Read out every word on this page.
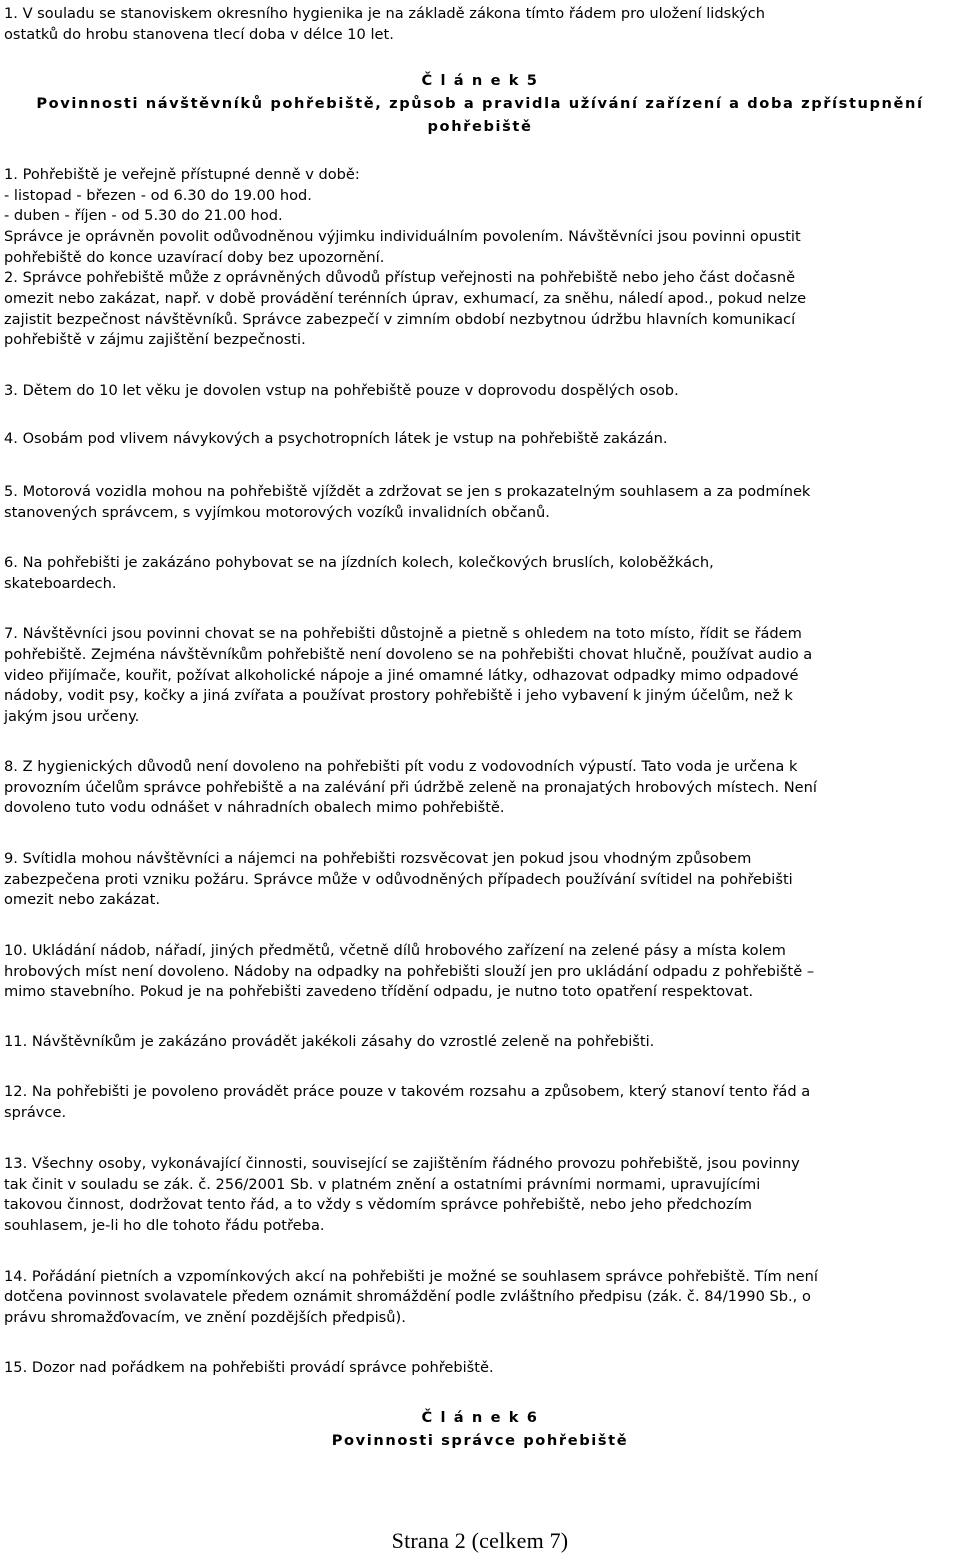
1. V souladu se stanoviskem okresního hygienika je na základě zákona tímto řádem pro uložení lidských
ostatků do hrobu stanovena tlecí doba v délce 10 let.
Č l á n e k 5
Povinnosti návštěvníků pohřebiště, způsob a pravidla užívání zařízení a doba zpřístupnění
pohřebiště
1. Pohřebiště je veřejně přístupné denně v době:
- listopad - březen - od 6.30 do 19.00 hod.
- duben - říjen - od 5.30 do 21.00 hod.
Správce je oprávněn povolit odůvodněnou výjimku individuálním povolením. Návštěvníci jsou povinni opustit
pohřebiště do konce uzavírací doby bez upozornění.
2. Správce pohřebiště může z oprávněných důvodů přístup veřejnosti na pohřebiště nebo jeho část dočasně
omezit nebo zakázat, např. v době provádění terénních úprav, exhumací, za sněhu, náledí apod., pokud nelze
zajistit bezpečnost návštěvníků. Správce zabezpečí v zimním období nezbytnou údržbu hlavních komunikací
pohřebiště v zájmu zajištění bezpečnosti.
3. Dětem do 10 let věku je dovolen vstup na pohřebiště pouze v doprovodu dospělých osob.
4. Osobám pod vlivem návykových a psychotropních látek je vstup na pohřebiště zakázán.
5. Motorová vozidla mohou na pohřebiště vjíždět a zdržovat se jen s prokazatelným souhlasem a za podmínek
stanovených správcem, s vyjímkou motorových vozíků invalidních občanů.
6. Na pohřebišti je zakázáno pohybovat se na jízdních kolech, kolečkových bruslích, koloběžkách,
skateboardech.
7. Návštěvníci jsou povinni chovat se na pohřebišti důstojně a pietně s ohledem na toto místo, řídit se řádem
pohřebiště. Zejména návštěvníkům pohřebiště není dovoleno se na pohřebišti chovat hlučně, používat audio a
video přijímače, kouřit, požívat alkoholické nápoje a jiné omamné látky, odhazovat odpadky mimo odpadové
nádoby, vodit psy, kočky a jiná zvířata a používat prostory pohřebiště i jeho vybavení k jiným účelům, než k
jakým jsou určeny.
8. Z hygienických důvodů není dovoleno na pohřebišti pít vodu z vodovodních výpustí. Tato voda je určena k
provozním účelům správce pohřebiště a na zalévání při údržbě zeleně na pronajatých hrobových místech. Není
dovoleno tuto vodu odnášet v náhradních obalech mimo pohřebiště.
9. Svítidla mohou návštěvníci a nájemci na pohřebišti rozsvěcovat jen pokud jsou vhodným způsobem
zabezpečena proti vzniku požáru. Správce může v odůvodněných případech používání svítidel na pohřebišti
omezit nebo zakázat.
10. Ukládání nádob, nářadí, jiných předmětů, včetně dílů hrobového zařízení na zelené pásy a místa kolem
hrobových míst není dovoleno. Nádoby na odpadky na pohřebišti slouží jen pro ukládání odpadu z pohřebiště –
mimo stavebního. Pokud je na pohřebišti zavedeno třídění odpadu, je nutno toto opatření respektovat.
11. Návštěvníkům je zakázáno provádět jakékoli zásahy do vzrostlé zeleně na pohřebišti.
12. Na pohřebišti je povoleno provádět práce pouze v takovém rozsahu a způsobem, který stanoví tento řád a
správce.
13. Všechny osoby, vykonávající činnosti, související se zajištěním řádného provozu pohřebiště, jsou povinny
tak činit v souladu se zák. č. 256/2001 Sb. v platném znění a ostatními právními normami, upravujícími
takovou činnost, dodržovat tento řád, a to vždy s vědomím správce pohřebiště, nebo jeho předchozím
souhlasem, je-li ho dle tohoto řádu potřeba.
14. Pořádání pietních a vzpomínkových akcí na pohřebišti je možné se souhlasem správce pohřebiště. Tím není
dotčena povinnost svolavatele předem oznámit shromáždění podle zvláštního předpisu (zák. č. 84/1990 Sb., o
právu shromažďovacím, ve znění pozdějších předpisů).
15. Dozor nad pořádkem na pohřebišti provádí správce pohřebiště.
Č l á n e k 6
Povinnosti správce pohřebiště
Strana 2 (celkem 7)
